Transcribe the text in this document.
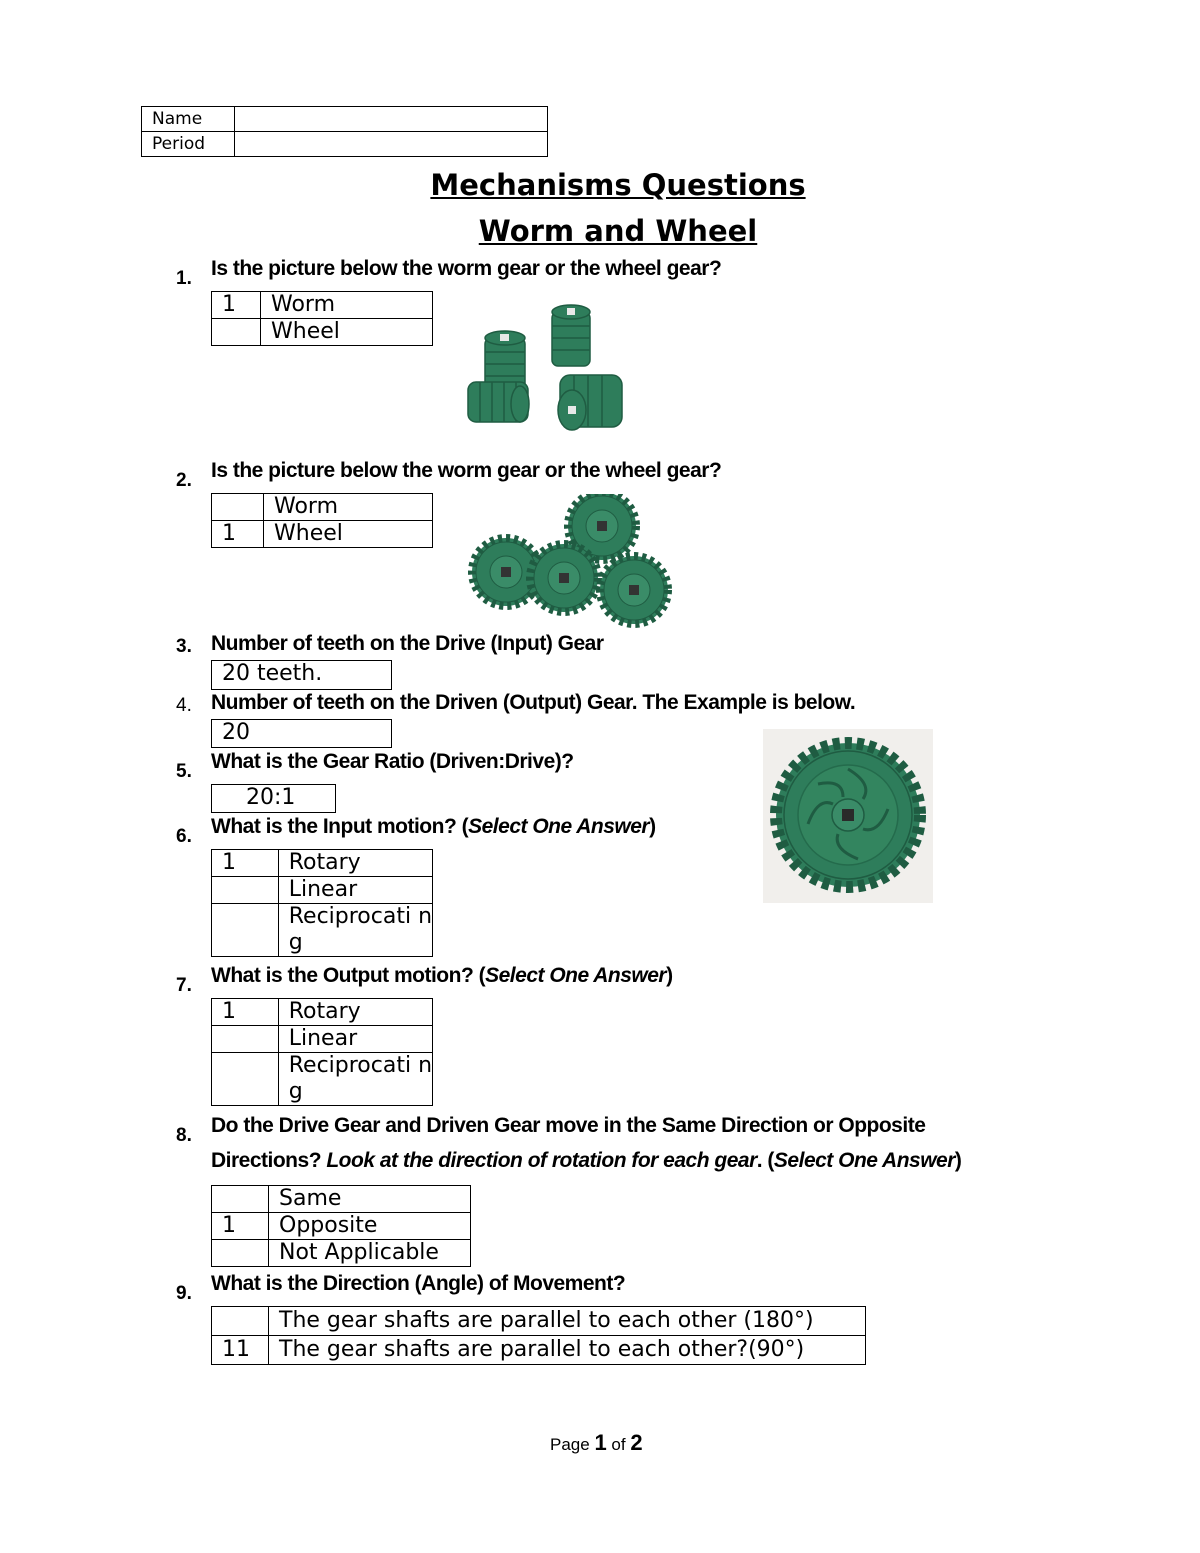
Name	
Period	
Mechanisms Questions
Worm and Wheel
1. Is the picture below the worm gear or the wheel gear?
1	Worm
	Wheel
2. Is the picture below the worm gear or the wheel gear?
	Worm
1	Wheel
3. Number of teeth on the Drive (Input) Gear
20 teeth.
4. Number of teeth on the Driven (Output) Gear. The Example is below.
20
5. What is the Gear Ratio (Driven:Drive)?
20:1
6. What is the Input motion? (Select One Answer)
1	Rotary
	Linear
	Reciprocati ng
7. What is the Output motion? (Select One Answer)
1	Rotary
	Linear
	Reciprocati ng
8. Do the Drive Gear and Driven Gear move in the Same Direction or Opposite
Directions? Look at the direction of rotation for each gear. (Select One Answer)
	Same
1	Opposite
	Not Applicable
9. What is the Direction (Angle) of Movement?
	The gear shafts are parallel to each other (180°)
11	The gear shafts are parallel to each other?(90°)
Page 1 of 2
